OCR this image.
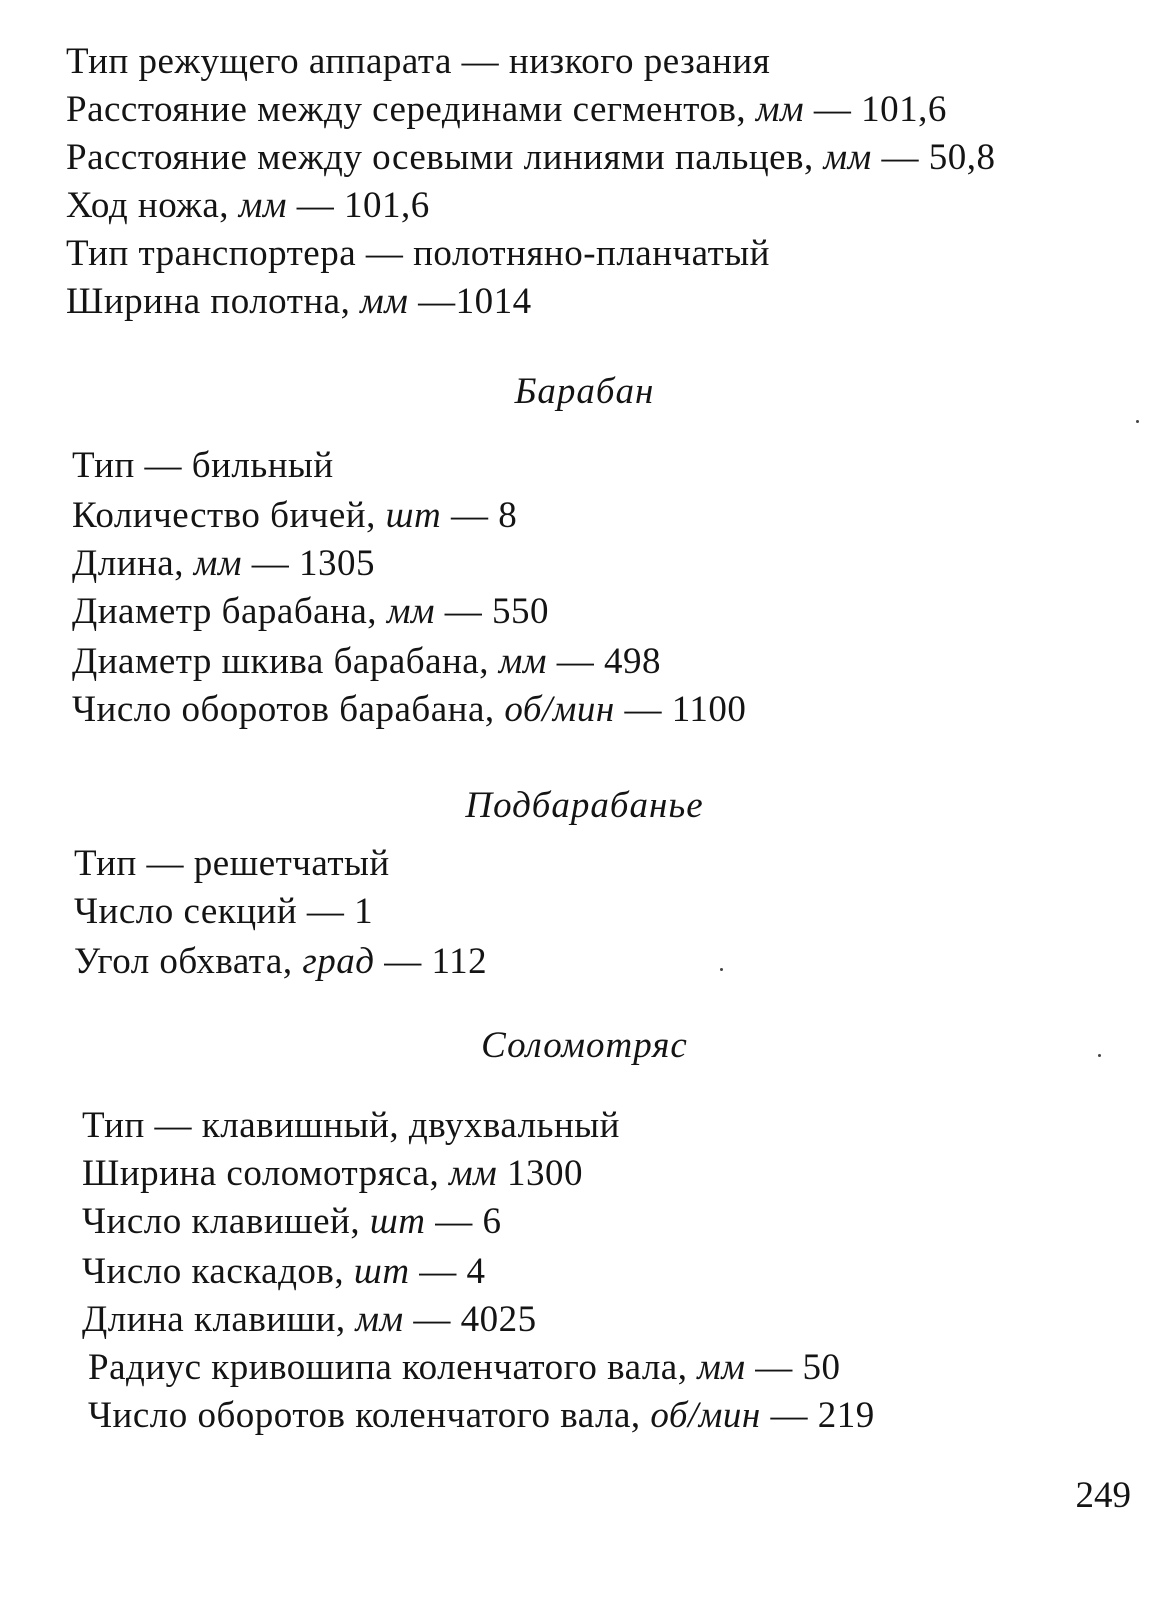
Тип режущего аппарата — низкого резания
Расстояние между серединами сегментов, мм — 101,6
Расстояние между осевыми линиями пальцев, мм — 50,8
Ход ножа, мм — 101,6
Тип транспортера — полотняно-планчатый
Ширина полотна, мм —1014
Барабан
Тип — бильный
Количество бичей, шт — 8
Длина, мм — 1305
Диаметр барабана, мм — 550
Диаметр шкива барабана, мм — 498
Число оборотов барабана, об/мин — 1100
Подбарабанье
Тип — решетчатый
Число секций — 1
Угол обхвата, град — 112
Соломотряс
Тип — клавишный, двухвальный
Ширина соломотряса, мм 1300
Число клавишей, шт — 6
Число каскадов, шт — 4
Длина клавиши, мм — 4025
Радиус кривошипа коленчатого вала, мм — 50
Число оборотов коленчатого вала, об/мин — 219
249
